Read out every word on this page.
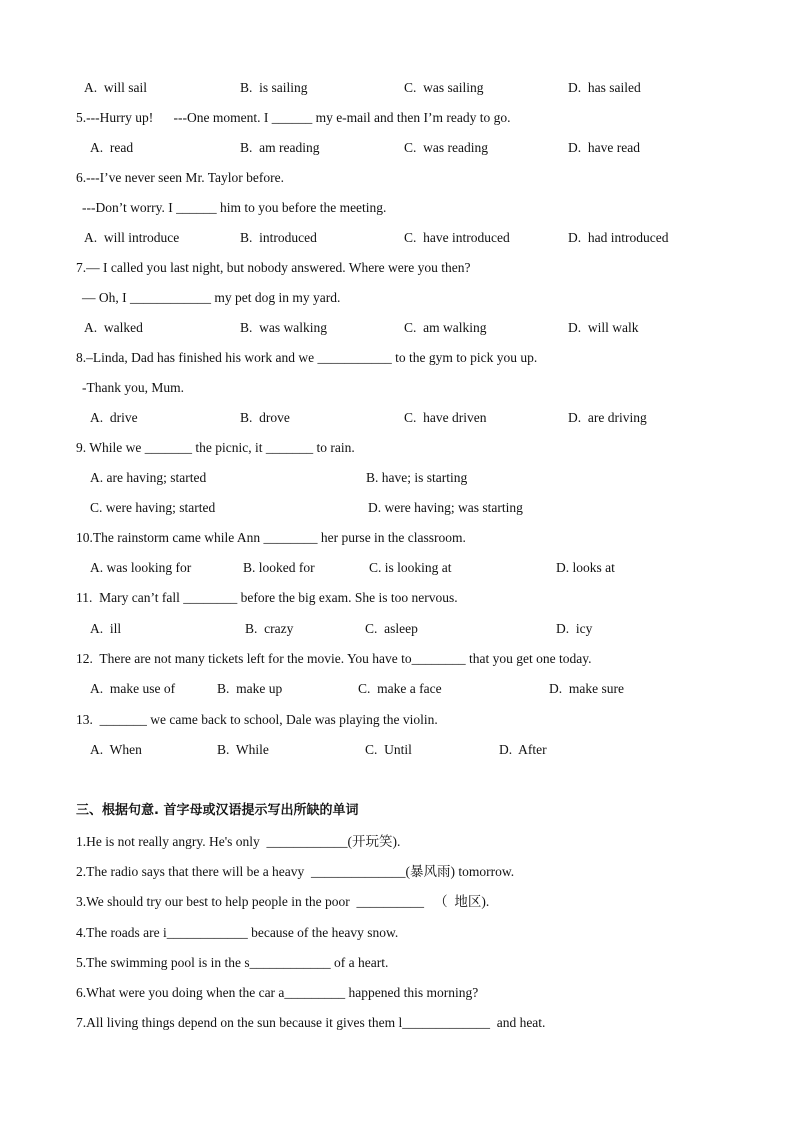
A.  will sail	B.  is sailing	C.  was sailing	D.  has sailed
5.---Hurry up!      ---One moment. I ______ my e-mail and then I’m ready to go.
A.  read	B.  am reading	C.  was reading	D.  have read
6.---I’ve never seen Mr. Taylor before.
---Don’t worry. I ______ him to you before the meeting.
A.  will introduce	B.  introduced	C.  have introduced	D.  had introduced
7.— I called you last night, but nobody answered. Where were you then?
— Oh, I ____________ my pet dog in my yard.
A.  walked	B.  was walking	C.  am walking	D.  will walk
8.–Linda, Dad has finished his work and we ___________ to the gym to pick you up.
-Thank you, Mum.
A.  drive	B.  drove	C.  have driven	D.  are driving
9. While we _______ the picnic, it _______ to rain.
A. are having; started	B. have; is starting
C. were having; started	D. were having; was starting
10.The rainstorm came while Ann ________ her purse in the classroom.
A. was looking for	B. looked for	C. is looking at	D. looks at
11.  Mary can’t fall ________ before the big exam. She is too nervous.
A.  ill	B.  crazy	C.  asleep	D.  icy
12.  There are not many tickets left for the movie. You have to________ that you get one today.
A.  make use of	B.  make up	C.  make a face	D.  make sure
13.  _______ we came back to school, Dale was playing the violin.
A.  When	B.  While	C.  Until	D.  After
三、根据句意. 首字母或汉语提示写出所缺的单词
1.He is not really angry. He's only  ____________(开玩笑).
2.The radio says that there will be a heavy  ______________(暴风雨) tomorrow.
3.We should try our best to help people in the poor  __________   （  地区).
4.The roads are i____________ because of the heavy snow.
5.The swimming pool is in the s____________ of a heart.
6.What were you doing when the car a_________ happened this morning?
7.All living things depend on the sun because it gives them l_____________  and heat.
